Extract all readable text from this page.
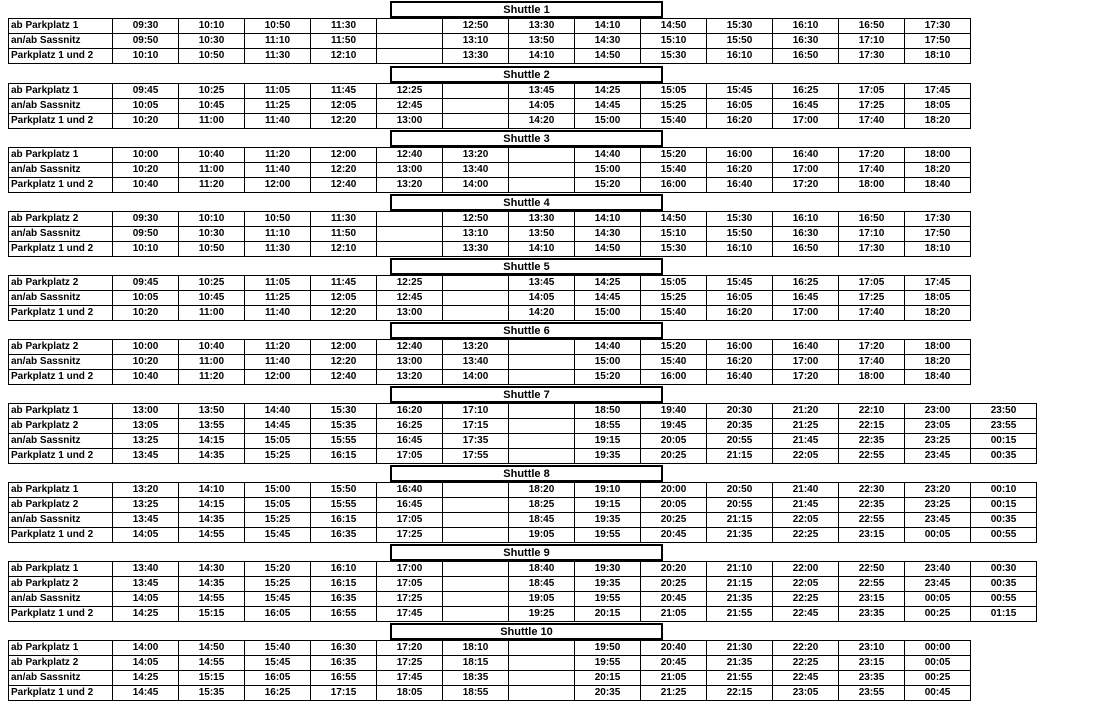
Shuttle 1
ab Parkplatz 1	09:30	10:10	10:50	11:30		12:50	13:30	14:10	14:50	15:30	16:10	16:50	17:30
an/ab Sassnitz	09:50	10:30	11:10	11:50		13:10	13:50	14:30	15:10	15:50	16:30	17:10	17:50
Parkplatz 1 und 2	10:10	10:50	11:30	12:10		13:30	14:10	14:50	15:30	16:10	16:50	17:30	18:10
Shuttle 2
ab Parkplatz 1	09:45	10:25	11:05	11:45	12:25		13:45	14:25	15:05	15:45	16:25	17:05	17:45
an/ab Sassnitz	10:05	10:45	11:25	12:05	12:45		14:05	14:45	15:25	16:05	16:45	17:25	18:05
Parkplatz 1 und 2	10:20	11:00	11:40	12:20	13:00		14:20	15:00	15:40	16:20	17:00	17:40	18:20
Shuttle 3
ab Parkplatz 1	10:00	10:40	11:20	12:00	12:40	13:20		14:40	15:20	16:00	16:40	17:20	18:00
an/ab Sassnitz	10:20	11:00	11:40	12:20	13:00	13:40		15:00	15:40	16:20	17:00	17:40	18:20
Parkplatz 1 und 2	10:40	11:20	12:00	12:40	13:20	14:00		15:20	16:00	16:40	17:20	18:00	18:40
Shuttle 4
ab Parkplatz 2	09:30	10:10	10:50	11:30		12:50	13:30	14:10	14:50	15:30	16:10	16:50	17:30
an/ab Sassnitz	09:50	10:30	11:10	11:50		13:10	13:50	14:30	15:10	15:50	16:30	17:10	17:50
Parkplatz 1 und 2	10:10	10:50	11:30	12:10		13:30	14:10	14:50	15:30	16:10	16:50	17:30	18:10
Shuttle 5
ab Parkplatz 2	09:45	10:25	11:05	11:45	12:25		13:45	14:25	15:05	15:45	16:25	17:05	17:45
an/ab Sassnitz	10:05	10:45	11:25	12:05	12:45		14:05	14:45	15:25	16:05	16:45	17:25	18:05
Parkplatz 1 und 2	10:20	11:00	11:40	12:20	13:00		14:20	15:00	15:40	16:20	17:00	17:40	18:20
Shuttle 6
ab Parkplatz 2	10:00	10:40	11:20	12:00	12:40	13:20		14:40	15:20	16:00	16:40	17:20	18:00
an/ab Sassnitz	10:20	11:00	11:40	12:20	13:00	13:40		15:00	15:40	16:20	17:00	17:40	18:20
Parkplatz 1 und 2	10:40	11:20	12:00	12:40	13:20	14:00		15:20	16:00	16:40	17:20	18:00	18:40
Shuttle 7
ab Parkplatz 1	13:00	13:50	14:40	15:30	16:20	17:10		18:50	19:40	20:30	21:20	22:10	23:00	23:50
ab Parkplatz 2	13:05	13:55	14:45	15:35	16:25	17:15		18:55	19:45	20:35	21:25	22:15	23:05	23:55
an/ab Sassnitz	13:25	14:15	15:05	15:55	16:45	17:35		19:15	20:05	20:55	21:45	22:35	23:25	00:15
Parkplatz 1 und 2	13:45	14:35	15:25	16:15	17:05	17:55		19:35	20:25	21:15	22:05	22:55	23:45	00:35
Shuttle 8
ab Parkplatz 1	13:20	14:10	15:00	15:50	16:40		18:20	19:10	20:00	20:50	21:40	22:30	23:20	00:10
ab Parkplatz 2	13:25	14:15	15:05	15:55	16:45		18:25	19:15	20:05	20:55	21:45	22:35	23:25	00:15
an/ab Sassnitz	13:45	14:35	15:25	16:15	17:05		18:45	19:35	20:25	21:15	22:05	22:55	23:45	00:35
Parkplatz 1 und 2	14:05	14:55	15:45	16:35	17:25		19:05	19:55	20:45	21:35	22:25	23:15	00:05	00:55
Shuttle 9
ab Parkplatz 1	13:40	14:30	15:20	16:10	17:00		18:40	19:30	20:20	21:10	22:00	22:50	23:40	00:30
ab Parkplatz 2	13:45	14:35	15:25	16:15	17:05		18:45	19:35	20:25	21:15	22:05	22:55	23:45	00:35
an/ab Sassnitz	14:05	14:55	15:45	16:35	17:25		19:05	19:55	20:45	21:35	22:25	23:15	00:05	00:55
Parkplatz 1 und 2	14:25	15:15	16:05	16:55	17:45		19:25	20:15	21:05	21:55	22:45	23:35	00:25	01:15
Shuttle 10
ab Parkplatz 1	14:00	14:50	15:40	16:30	17:20	18:10		19:50	20:40	21:30	22:20	23:10	00:00
ab Parkplatz 2	14:05	14:55	15:45	16:35	17:25	18:15		19:55	20:45	21:35	22:25	23:15	00:05
an/ab Sassnitz	14:25	15:15	16:05	16:55	17:45	18:35		20:15	21:05	21:55	22:45	23:35	00:25
Parkplatz 1 und 2	14:45	15:35	16:25	17:15	18:05	18:55		20:35	21:25	22:15	23:05	23:55	00:45
